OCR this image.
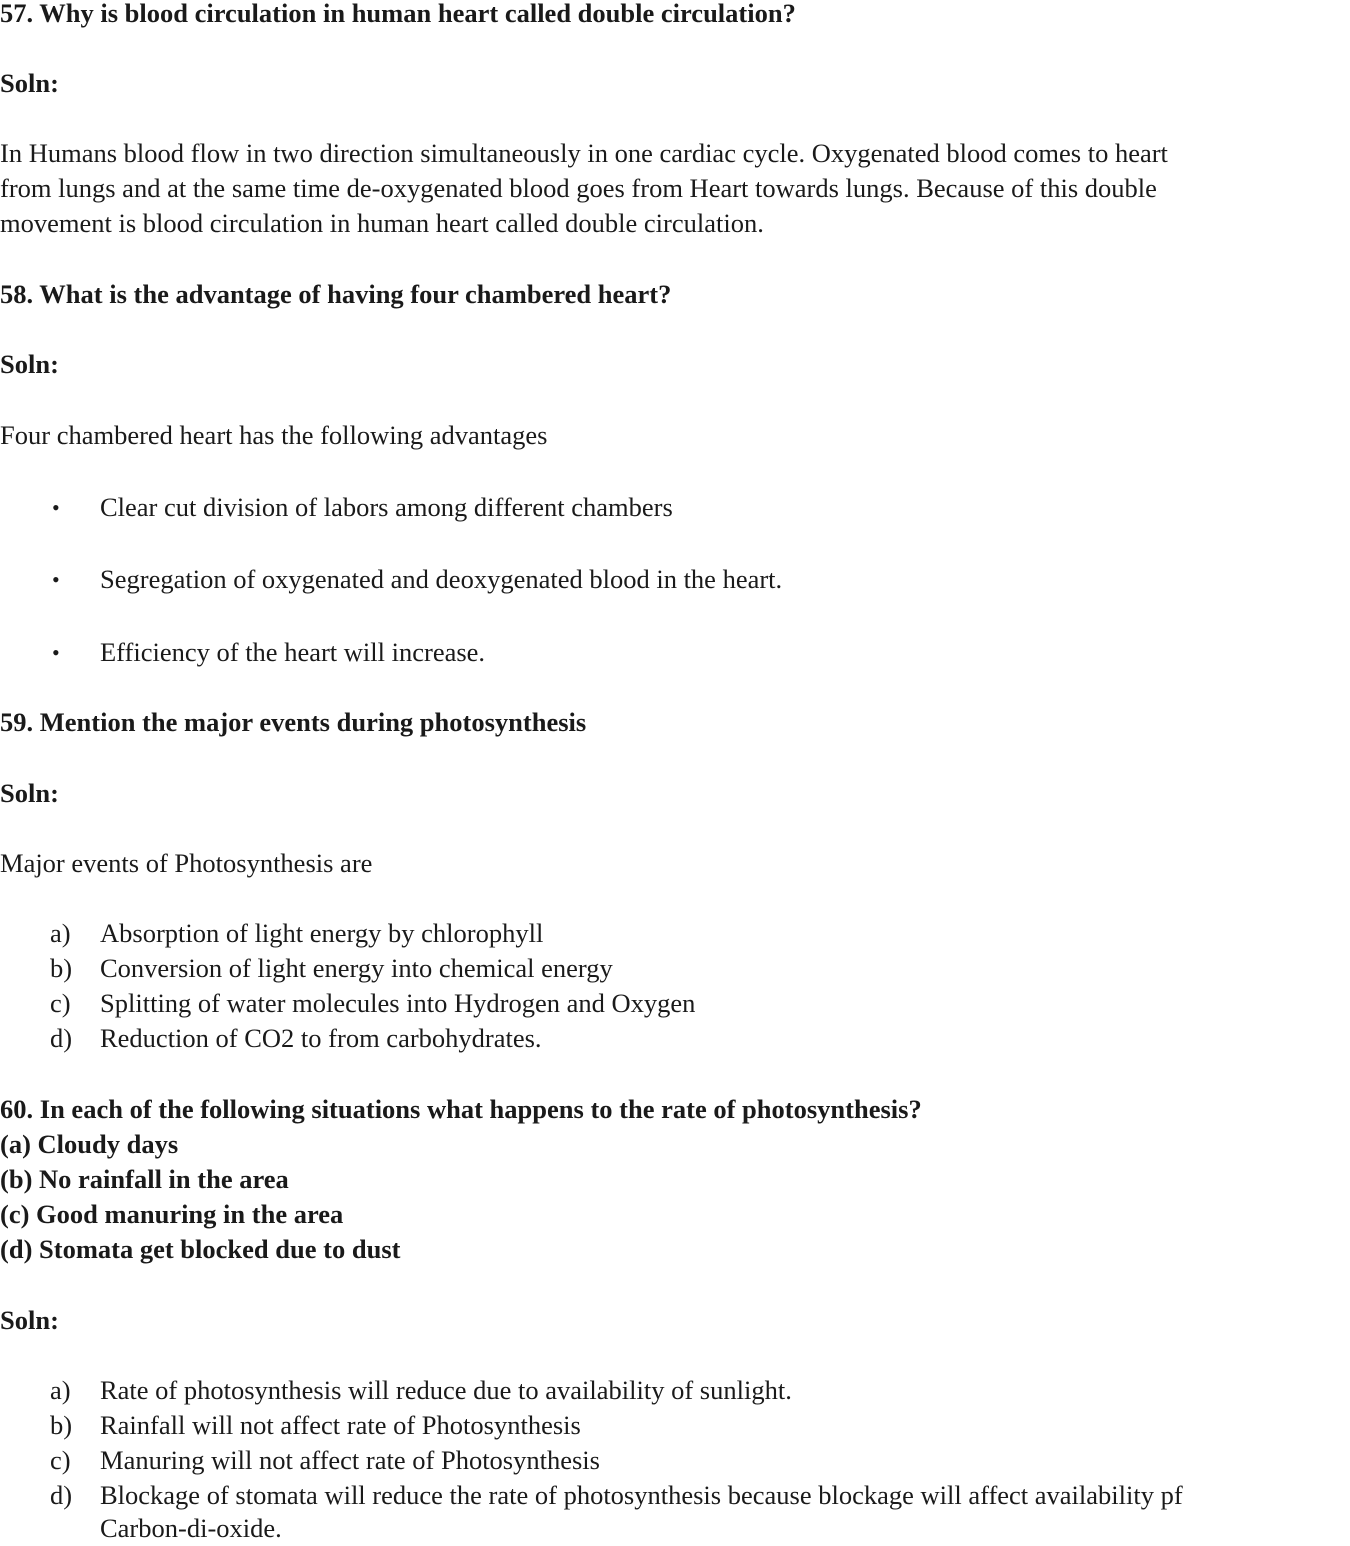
57. Why is blood circulation in human heart called double circulation?
Soln:
In Humans blood flow in two direction simultaneously in one cardiac cycle. Oxygenated blood comes to heart
from lungs and at the same time de-oxygenated blood goes from Heart towards lungs. Because of this double
movement is blood circulation in human heart called double circulation.
58. What is the advantage of having four chambered heart?
Soln:
Four chambered heart has the following advantages
• Clear cut division of labors among different chambers
• Segregation of oxygenated and deoxygenated blood in the heart.
• Efficiency of the heart will increase.
59. Mention the major events during photosynthesis
Soln:
Major events of Photosynthesis are
a) Absorption of light energy by chlorophyll
b) Conversion of light energy into chemical energy
c) Splitting of water molecules into Hydrogen and Oxygen
d) Reduction of CO2 to from carbohydrates.
60. In each of the following situations what happens to the rate of photosynthesis?
(a) Cloudy days
(b) No rainfall in the area
(c) Good manuring in the area
(d) Stomata get blocked due to dust
Soln:
a) Rate of photosynthesis will reduce due to availability of sunlight.
b) Rainfall will not affect rate of Photosynthesis
c) Manuring will not affect rate of Photosynthesis
d) Blockage of stomata will reduce the rate of photosynthesis because blockage will affect availability pf
Carbon-di-oxide.
